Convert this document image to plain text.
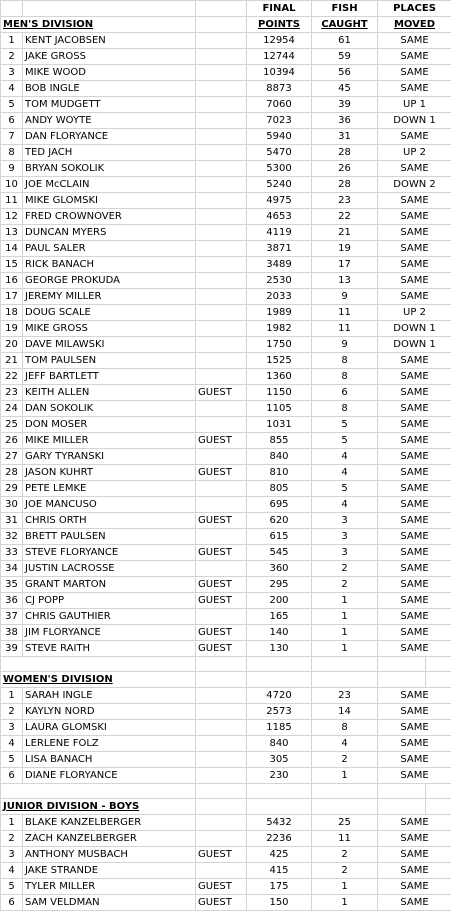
			FINAL	FISH	PLACES	
MEN'S DIVISION			POINTS	CAUGHT	MOVED	
1	KENT JACOBSEN		12954	61	SAME	
2	JAKE GROSS		12744	59	SAME	
3	MIKE WOOD		10394	56	SAME	
4	BOB INGLE		8873	45	SAME	
5	TOM MUDGETT		7060	39	UP 1	
6	ANDY WOYTE		7023	36	DOWN 1	
7	DAN FLORYANCE		5940	31	SAME	
8	TED JACH		5470	28	UP 2	
9	BRYAN SOKOLIK		5300	26	SAME	
10	JOE McCLAIN		5240	28	DOWN 2	
11	MIKE GLOMSKI		4975	23	SAME	
12	FRED CROWNOVER		4653	22	SAME	
13	DUNCAN MYERS		4119	21	SAME	
14	PAUL SALER		3871	19	SAME	
15	RICK BANACH		3489	17	SAME	
16	GEORGE PROKUDA		2530	13	SAME	
17	JEREMY MILLER		2033	9	SAME	
18	DOUG SCALE		1989	11	UP 2	
19	MIKE GROSS		1982	11	DOWN 1	
20	DAVE MILAWSKI		1750	9	DOWN 1	
21	TOM PAULSEN		1525	8	SAME	
22	JEFF BARTLETT		1360	8	SAME	
23	KEITH ALLEN	GUEST	1150	6	SAME	
24	DAN SOKOLIK		1105	8	SAME	
25	DON MOSER		1031	5	SAME	
26	MIKE MILLER	GUEST	855	5	SAME	
27	GARY TYRANSKI		840	4	SAME	
28	JASON KUHRT	GUEST	810	4	SAME	
29	PETE LEMKE		805	5	SAME	
30	JOE MANCUSO		695	4	SAME	
31	CHRIS ORTH	GUEST	620	3	SAME	
32	BRETT PAULSEN		615	3	SAME	
33	STEVE FLORYANCE	GUEST	545	3	SAME	
34	JUSTIN LACROSSE		360	2	SAME	
35	GRANT MARTON	GUEST	295	2	SAME	
36	CJ POPP	GUEST	200	1	SAME	
37	CHRIS GAUTHIER		165	1	SAME	
38	JIM FLORYANCE	GUEST	140	1	SAME	
39	STEVE RAITH	GUEST	130	1	SAME	

WOMEN'S DIVISION						
1	SARAH INGLE		4720	23	SAME	
2	KAYLYN NORD		2573	14	SAME	
3	LAURA GLOMSKI		1185	8	SAME	
4	LERLENE FOLZ		840	4	SAME	
5	LISA BANACH		305	2	SAME	
6	DIANE FLORYANCE		230	1	SAME	

JUNIOR DIVISION - BOYS						
1	BLAKE KANZELBERGER		5432	25	SAME	
2	ZACH KANZELBERGER		2236	11	SAME	
3	ANTHONY MUSBACH	GUEST	425	2	SAME	
4	JAKE STRANDE		415	2	SAME	
5	TYLER MILLER	GUEST	175	1	SAME	
6	SAM VELDMAN	GUEST	150	1	SAME	
